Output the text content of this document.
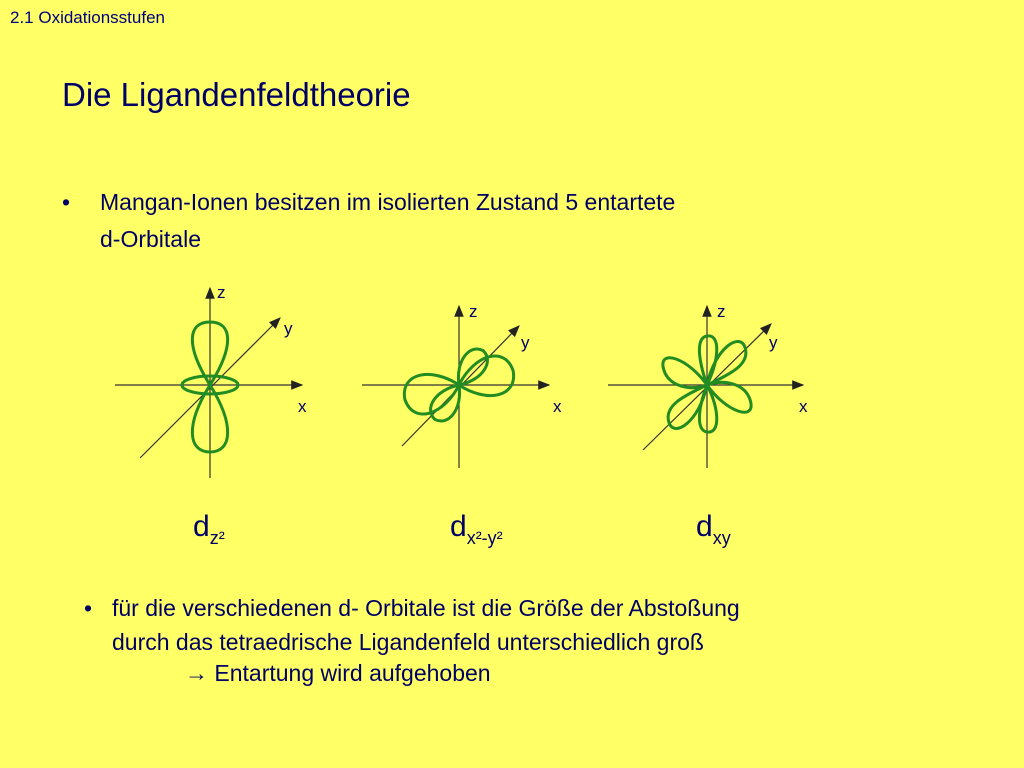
2.1 Oxidationsstufen
Die Ligandenfeldtheorie
• Mangan-Ionen besitzen im isolierten Zustand 5 entartete
d-Orbitale
z
y
x
z
y
x
z
y
x
$d_{z^2}$	$d_{x^2-y^2}$	$d_{xy}$
• für die verschiedenen d- Orbitale ist die Größe der Abstoßung
durch das tetraedrische Ligandenfeld unterschiedlich groß
→ Entartung wird aufgehoben
